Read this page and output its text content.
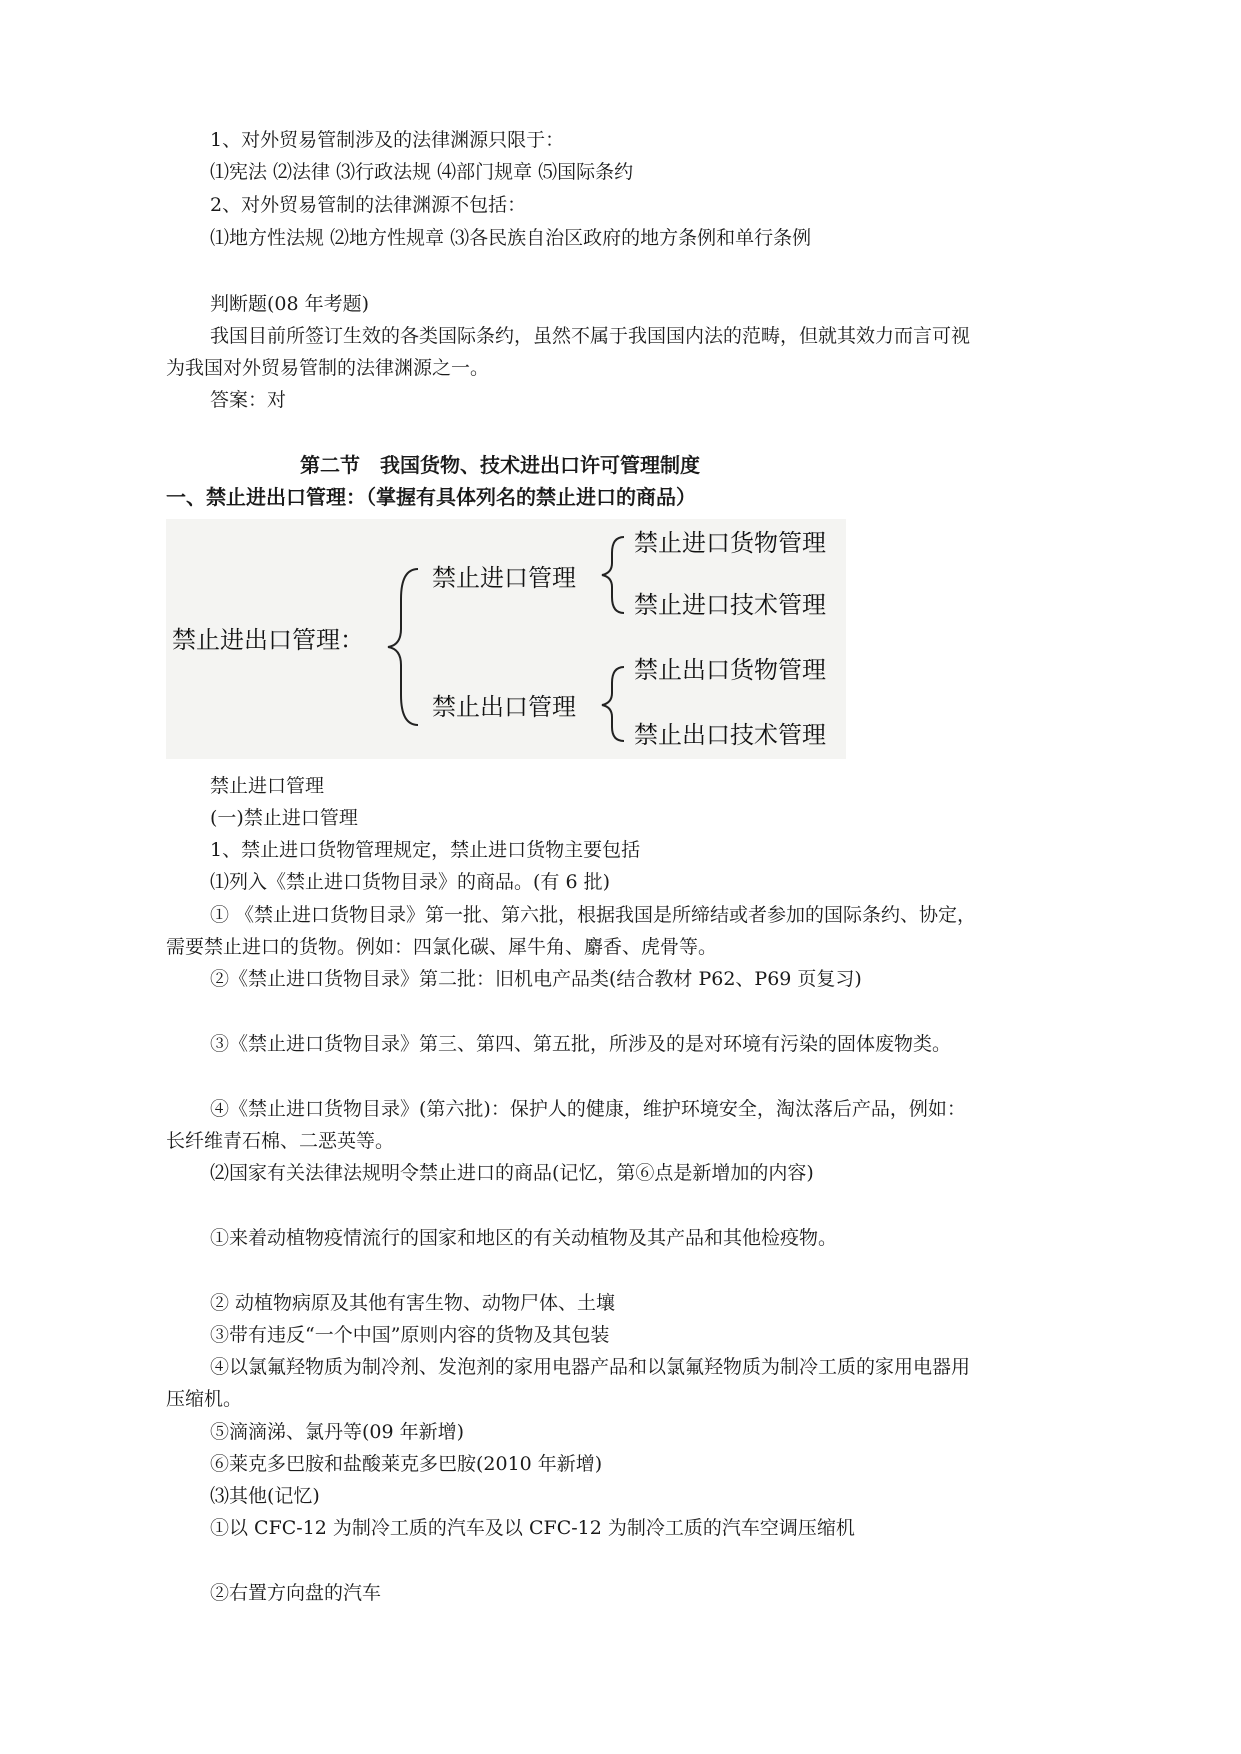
1、对外贸易管制涉及的法律渊源只限于：
⑴宪法 ⑵法律 ⑶行政法规 ⑷部门规章 ⑸国际条约
2、对外贸易管制的法律渊源不包括：
⑴地方性法规 ⑵地方性规章 ⑶各民族自治区政府的地方条例和单行条例
判断题(08 年考题)
我国目前所签订生效的各类国际条约，虽然不属于我国国内法的范畴，但就其效力而言可视
为我国对外贸易管制的法律渊源之一。
答案：对
第二节　我国货物、技术进出口许可管理制度
一、禁止进出口管理：（掌握有具体列名的禁止进口的商品）
禁止进出口管理：
禁止进口管理
禁止出口管理
禁止进口货物管理
禁止进口技术管理
禁止出口货物管理
禁止出口技术管理
禁止进口管理
(一)禁止进口管理
1、禁止进口货物管理规定，禁止进口货物主要包括
⑴列入《禁止进口货物目录》的商品。(有 6 批)
① 《禁止进口货物目录》第一批、第六批，根据我国是所缔结或者参加的国际条约、协定，
需要禁止进口的货物。例如：四氯化碳、犀牛角、麝香、虎骨等。
②《禁止进口货物目录》第二批：旧机电产品类(结合教材 P62、P69 页复习)
③《禁止进口货物目录》第三、第四、第五批，所涉及的是对环境有污染的固体废物类。
④《禁止进口货物目录》(第六批)：保护人的健康，维护环境安全，淘汰落后产品，例如：
长纤维青石棉、二恶英等。
⑵国家有关法律法规明令禁止进口的商品(记忆，第⑥点是新增加的内容)
①来着动植物疫情流行的国家和地区的有关动植物及其产品和其他检疫物。
② 动植物病原及其他有害生物、动物尸体、土壤
③带有违反“一个中国”原则内容的货物及其包装
④以氯氟羟物质为制冷剂、发泡剂的家用电器产品和以氯氟羟物质为制冷工质的家用电器用
压缩机。
⑤滴滴涕、氯丹等(09 年新增)
⑥莱克多巴胺和盐酸莱克多巴胺(2010 年新增)
⑶其他(记忆)
①以 CFC-12 为制冷工质的汽车及以 CFC-12 为制冷工质的汽车空调压缩机
②右置方向盘的汽车
